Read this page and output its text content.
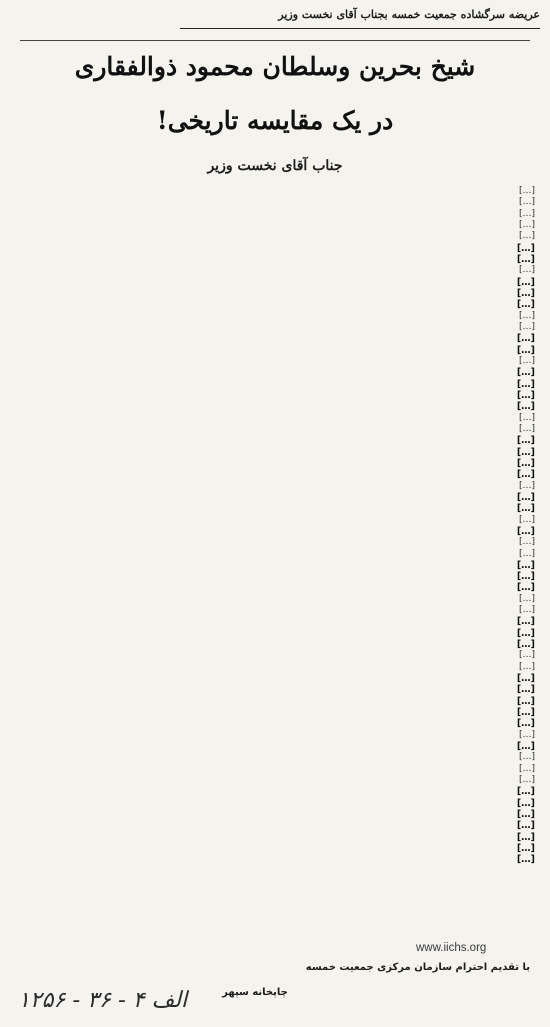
عریضه سرگشاده جمعیت خمسه بجناب آقای نخست وزیر
شیخ بحرین وسلطان محمود ذوالفقاری
در یک مقایسه تاریخی!
جناب آقای نخست وزیر
[…]
[…]
[…]
[…]
[…]
[…]
[…]
[…]
[…]
[…]
[…]
[…]
[…]
[…]
[…]
[…]
[…]
[…]
[…]
[…]
[…]
[…]
[…]
[…]
[…]
[…]
[…]
[…]
[…]
[…]
[…]
[…]
[…]
[…]
[…]
[…]
[…]
[…]
[…]
[…]
[…]
[…]
[…]
[…]
[…]
[…]
[…]
[…]
[…]
[…]
[…]
[…]
[…]
[…]
[…]
[…]
[…]
[…]
[…]
[…]
با تقدیم احترام سازمان مرکزی جمعیت خمسه
چاپخانه سپهر
www.iichs.org
۱۲۵۶ - ۳۶ - ۴ الف
